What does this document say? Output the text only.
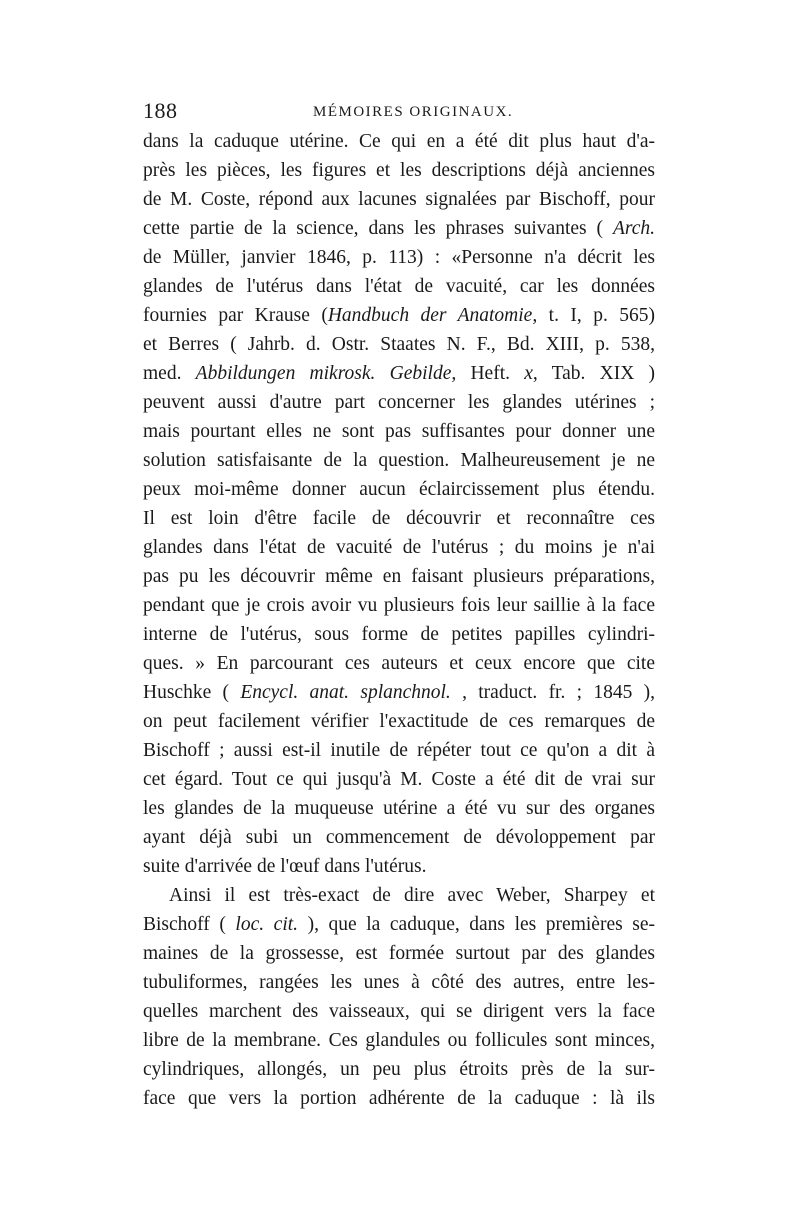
188	MÉMOIRES ORIGINAUX.
dans la caduque utérine. Ce qui en a été dit plus haut d'a-
près les pièces, les figures et les descriptions déjà anciennes
de M. Coste, répond aux lacunes signalées par Bischoff, pour
cette partie de la science, dans les phrases suivantes ( Arch.
de Müller, janvier 1846, p. 113) : «Personne n'a décrit les
glandes de l'utérus dans l'état de vacuité, car les données
fournies par Krause (Handbuch der Anatomie, t. I, p. 565)
et Berres ( Jahrb. d. Ostr. Staates N. F., Bd. XIII, p. 538,
med. Abbildungen mikrosk. Gebilde, Heft. x, Tab. XIX )
peuvent aussi d'autre part concerner les glandes utérines ;
mais pourtant elles ne sont pas suffisantes pour donner une
solution satisfaisante de la question. Malheureusement je ne
peux moi-même donner aucun éclaircissement plus étendu.
Il est loin d'être facile de découvrir et reconnaître ces
glandes dans l'état de vacuité de l'utérus ; du moins je n'ai
pas pu les découvrir même en faisant plusieurs préparations,
pendant que je crois avoir vu plusieurs fois leur saillie à la face
interne de l'utérus, sous forme de petites papilles cylindri-
ques. » En parcourant ces auteurs et ceux encore que cite
Huschke ( Encycl. anat. splanchnol. , traduct. fr. ; 1845 ),
on peut facilement vérifier l'exactitude de ces remarques de
Bischoff ; aussi est-il inutile de répéter tout ce qu'on a dit à
cet égard. Tout ce qui jusqu'à M. Coste a été dit de vrai sur
les glandes de la muqueuse utérine a été vu sur des organes
ayant déjà subi un commencement de dévoloppement par
suite d'arrivée de l'œuf dans l'utérus.
Ainsi il est très-exact de dire avec Weber, Sharpey et
Bischoff ( loc. cit. ), que la caduque, dans les premières se-
maines de la grossesse, est formée surtout par des glandes
tubuliformes, rangées les unes à côté des autres, entre les-
quelles marchent des vaisseaux, qui se dirigent vers la face
libre de la membrane. Ces glandules ou follicules sont minces,
cylindriques, allongés, un peu plus étroits près de la sur-
face que vers la portion adhérente de la caduque : là ils
